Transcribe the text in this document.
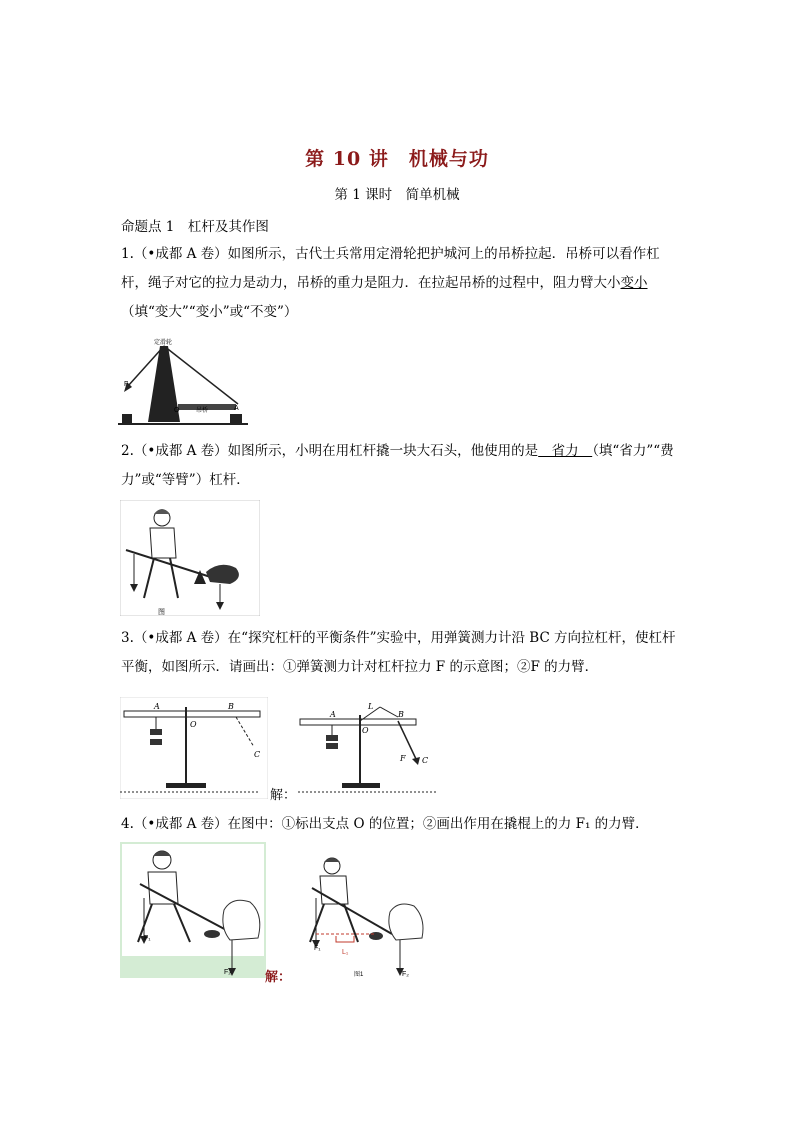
第 10 讲　机械与功
第 1 课时　简单机械
命题点 1　杠杆及其作图
1.（•成都 A 卷）如图所示，古代士兵常用定滑轮把护城河上的吊桥拉起．吊桥可以看作杠杆，绳子对它的拉力是动力，吊桥的重力是阻力．在拉起吊桥的过程中，阻力臂大小变小
（填“变大”“变小”或“不变”）
定滑轮
F
O	吊桥	A
2.（•成都 A 卷）如图所示，小明在用杠杆撬一块大石头，他使用的是　省力　（填“省力”“费力”或“等臂”）杠杆．
图
3.（•成都 A 卷）在“探究杠杆的平衡条件”实验中，用弹簧测力计沿 BC 方向拉杠杆，使杠杆平衡，如图所示．请画出：①弹簧测力计对杠杆拉力 F 的示意图；②F 的力臂．
A	B
O
C
A	B
O
L
F C
解：
4.（•成都 A 卷）在图中：①标出支点 O 的位置；②画出作用在撬棍上的力 F₁ 的力臂．
F₁
F₂	解：
F₁
L₁
F₂
图1
